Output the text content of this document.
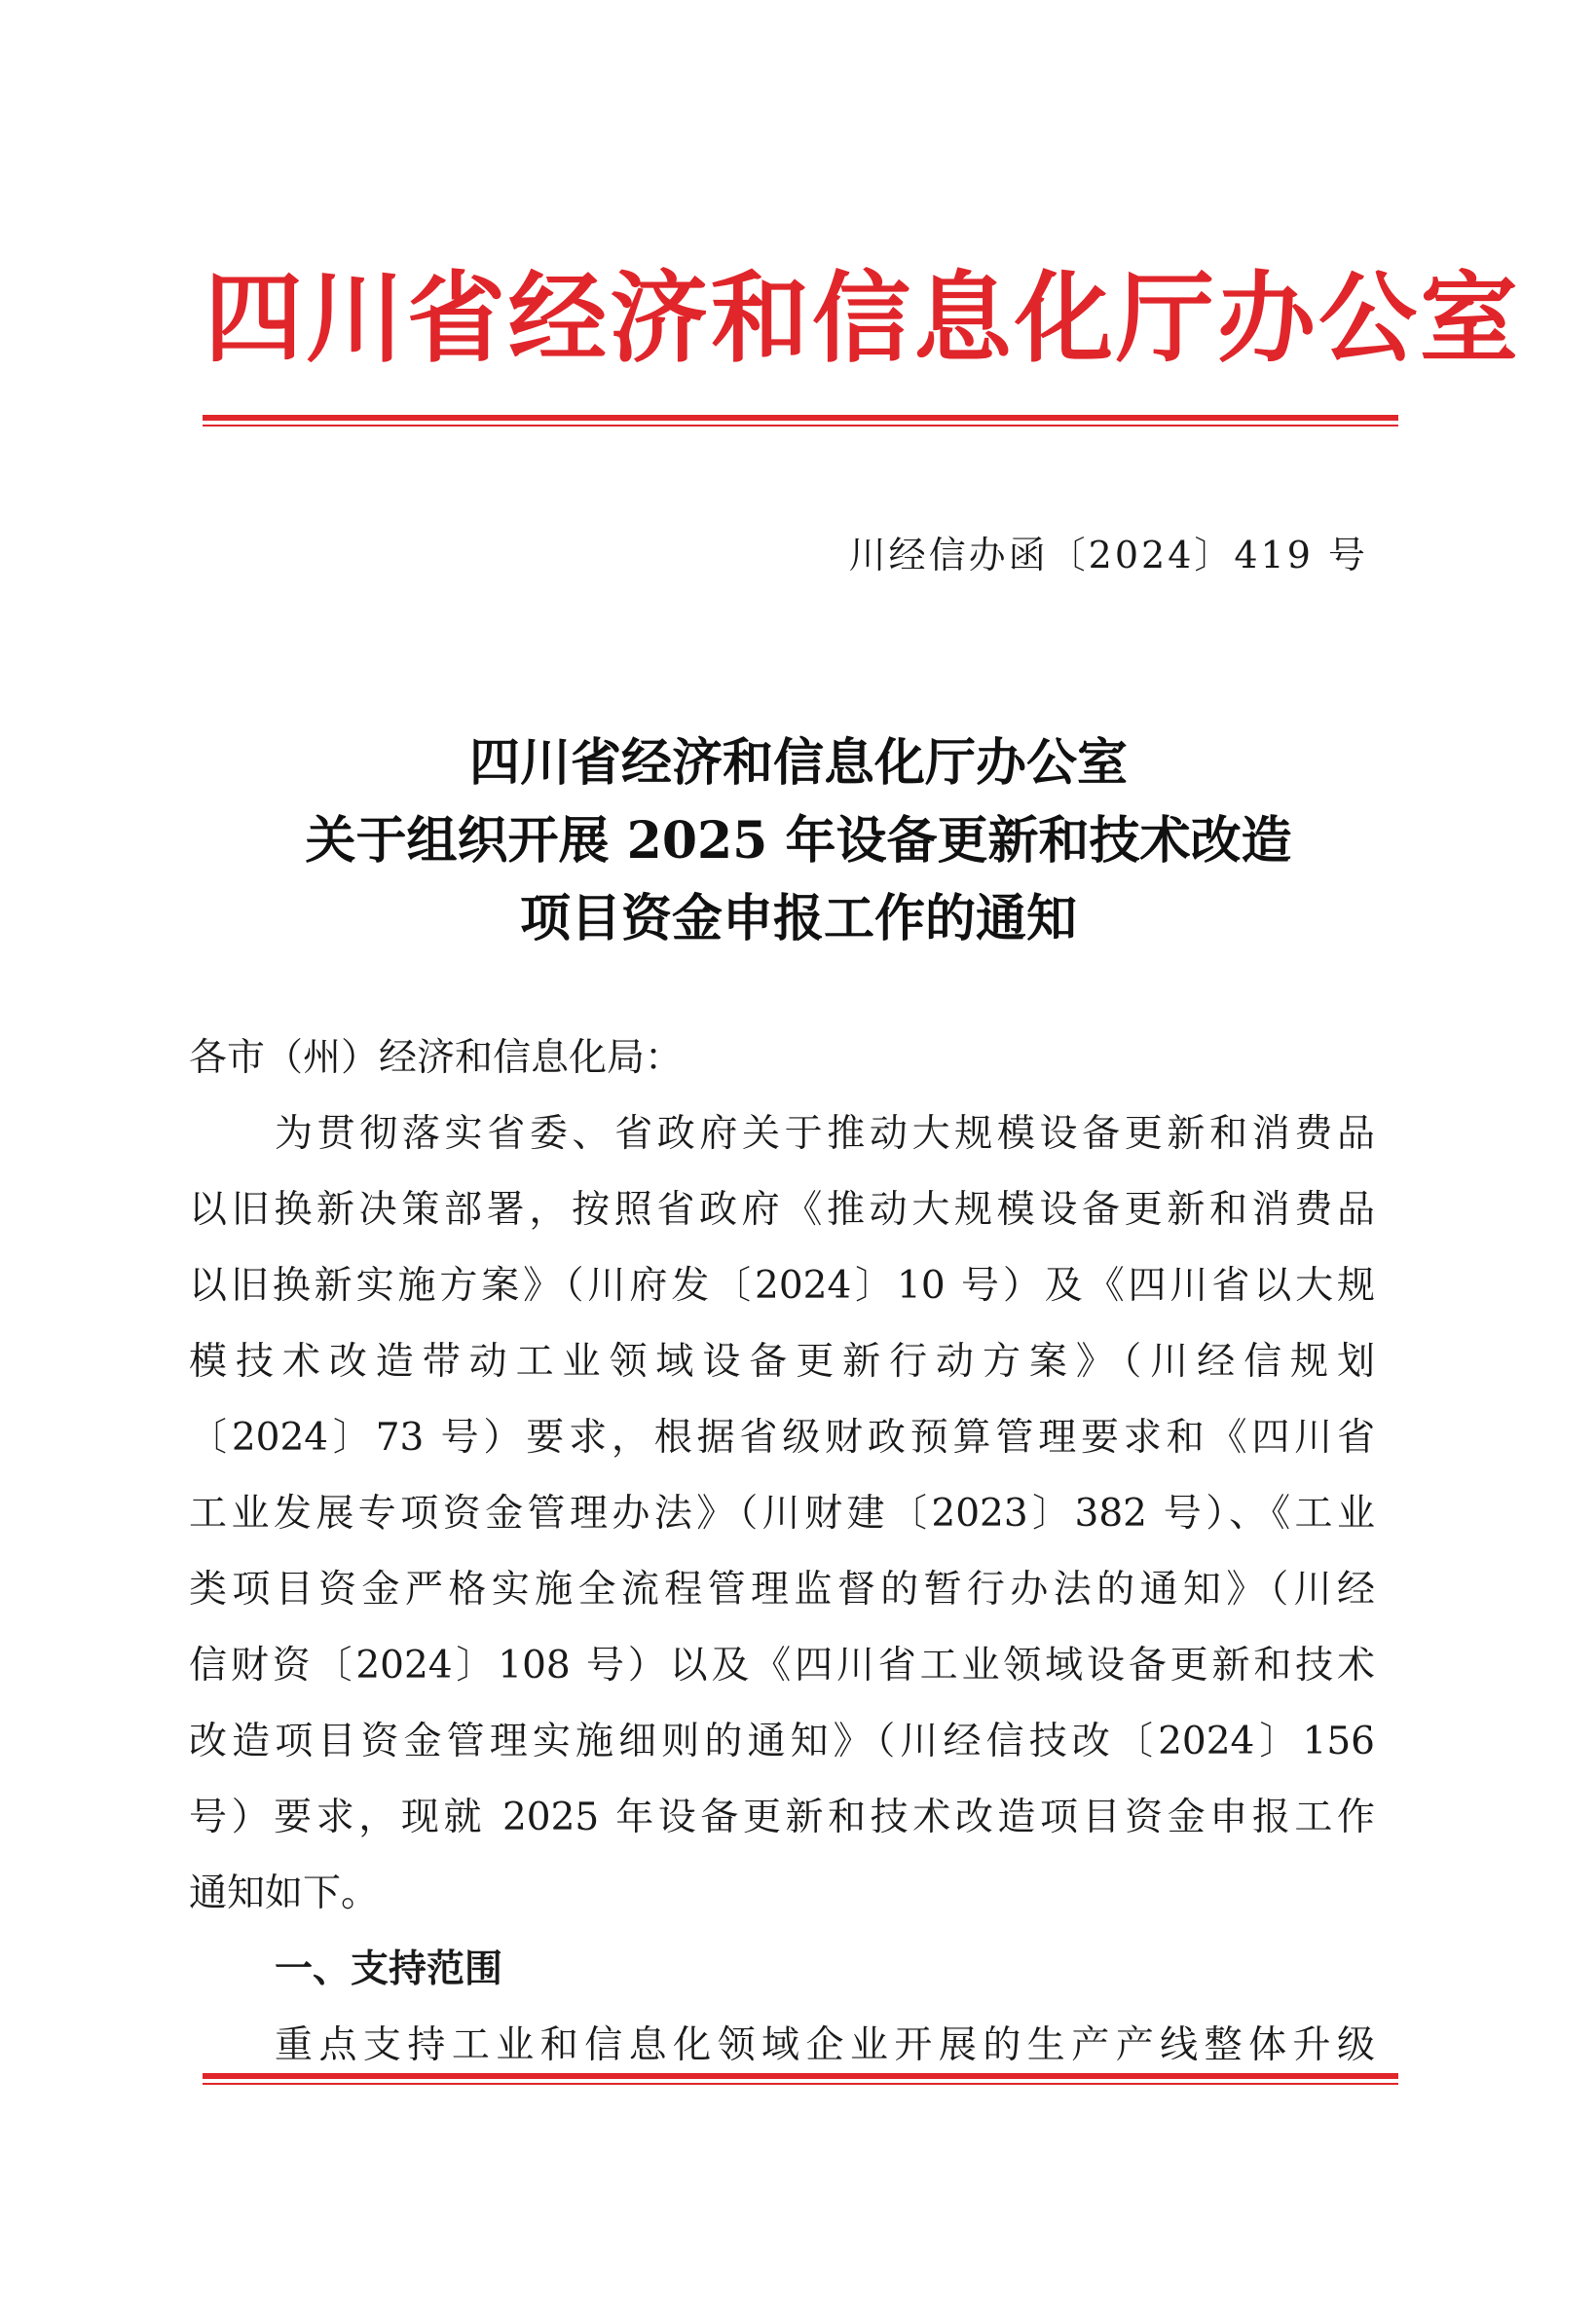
四川省经济和信息化厅办公室
川经信办函〔2024〕419 号
四川省经济和信息化厅办公室
关于组织开展 2025 年设备更新和技术改造
项目资金申报工作的通知
各市（州）经济和信息化局：
为贯彻落实省委、省政府关于推动大规模设备更新和消费品
以旧换新决策部署，按照省政府《推动大规模设备更新和消费品
以旧换新实施方案》（川府发〔2024〕10 号）及《四川省以大规
模技术改造带动工业领域设备更新行动方案》（川经信规划
〔2024〕73 号）要求，根据省级财政预算管理要求和《四川省
工业发展专项资金管理办法》（川财建〔2023〕382 号）、《工业
类项目资金严格实施全流程管理监督的暂行办法的通知》（川经
信财资〔2024〕108 号）以及《四川省工业领域设备更新和技术
改造项目资金管理实施细则的通知》（川经信技改〔2024〕156
号）要求，现就 2025 年设备更新和技术改造项目资金申报工作
通知如下。
一、支持范围
重点支持工业和信息化领域企业开展的生产产线整体升级
